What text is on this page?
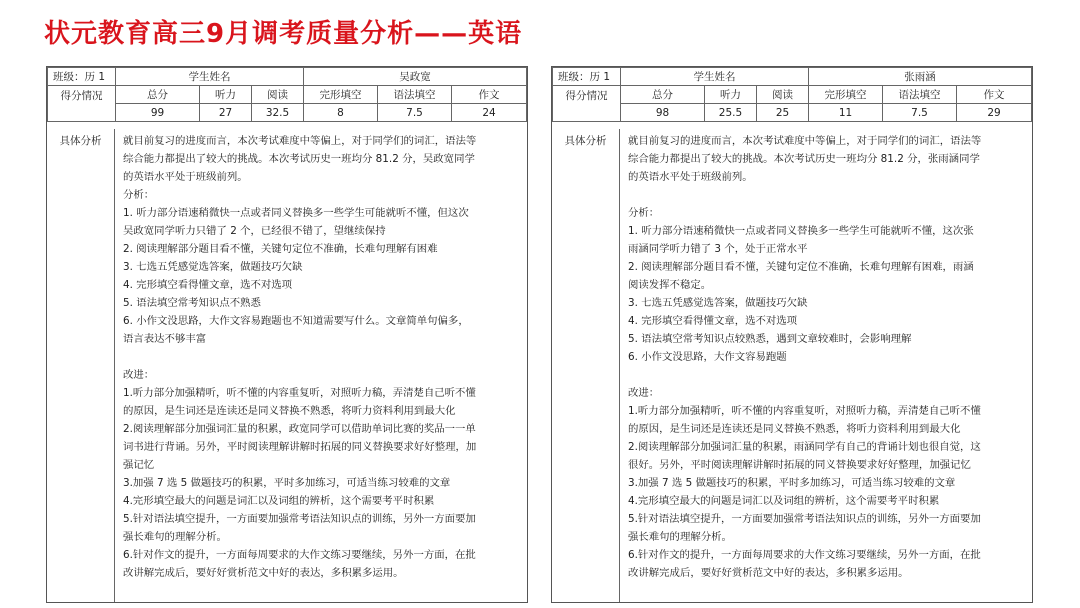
状元教育高三9月调考质量分析——英语
班级：历 1	学生姓名			吴政宽		
得分情况	总分	听力	阅读	完形填空	语法填空	作文
	99	27	32.5	8	7.5	24
具体分析	就目前复习的进度而言，本次考试难度中等偏上，对于同学们的词汇，语法等

综合能力都提出了较大的挑战。本次考试历史一班均分 81.2 分，吴政宽同学

的英语水平处于班级前列。

分析：

1. 听力部分语速稍微快一点或者同义替换多一些学生可能就听不懂，但这次

吴政宽同学听力只错了 2 个，已经很不错了，望继续保持

2. 阅读理解部分题目看不懂，关键句定位不准确，长难句理解有困难

3. 七选五凭感觉选答案，做题技巧欠缺

4. 完形填空看得懂文章，选不对选项

5. 语法填空常考知识点不熟悉

6. 小作文没思路，大作文容易跑题也不知道需要写什么。文章简单句偏多，

语言表达不够丰富

改进：

1.听力部分加强精听，听不懂的内容重复听，对照听力稿，弄清楚自己听不懂

的原因，是生词还是连读还是同义替换不熟悉，将听力资料利用到最大化

2.阅读理解部分加强词汇量的积累，政宽同学可以借助单词比赛的奖品一一单

词书进行背诵。另外，平时阅读理解讲解时拓展的同义替换要求好好整理，加

强记忆

3.加强 7 选 5 做题技巧的积累，平时多加练习，可适当练习较难的文章

4.完形填空最大的问题是词汇以及词组的辨析，这个需要考平时积累

5.针对语法填空提升，一方面要加强常考语法知识点的训练，另外一方面要加

强长难句的理解分析。

6.针对作文的提升，一方面每周要求的大作文练习要继续，另外一方面，在批

改讲解完成后，要好好赏析范文中好的表达，多积累多运用。

班级：历 1	学生姓名			张雨涵		
得分情况	总分	听力	阅读	完形填空	语法填空	作文
	98	25.5	25	11	7.5	29
具体分析	就目前复习的进度而言，本次考试难度中等偏上，对于同学们的词汇，语法等

综合能力都提出了较大的挑战。本次考试历史一班均分 81.2 分，张雨涵同学

的英语水平处于班级前列。

分析：

1. 听力部分语速稍微快一点或者同义替换多一些学生可能就听不懂，这次张

雨涵同学听力错了 3 个，处于正常水平

2. 阅读理解部分题目看不懂，关键句定位不准确，长难句理解有困难，雨涵

阅读发挥不稳定。

3. 七选五凭感觉选答案，做题技巧欠缺

4. 完形填空看得懂文章，选不对选项

5. 语法填空常考知识点较熟悉，遇到文章较难时，会影响理解

6. 小作文没思路，大作文容易跑题

改进：

1.听力部分加强精听，听不懂的内容重复听，对照听力稿，弄清楚自己听不懂

的原因，是生词还是连读还是同义替换不熟悉，将听力资料利用到最大化

2.阅读理解部分加强词汇量的积累，雨涵同学有自己的背诵计划也很自觉，这

很好。另外，平时阅读理解讲解时拓展的同义替换要求好好整理，加强记忆

3.加强 7 选 5 做题技巧的积累，平时多加练习，可适当练习较难的文章

4.完形填空最大的问题是词汇以及词组的辨析，这个需要考平时积累

5.针对语法填空提升，一方面要加强常考语法知识点的训练，另外一方面要加

强长难句的理解分析。

6.针对作文的提升，一方面每周要求的大作文练习要继续，另外一方面，在批

改讲解完成后，要好好赏析范文中好的表达，多积累多运用。
